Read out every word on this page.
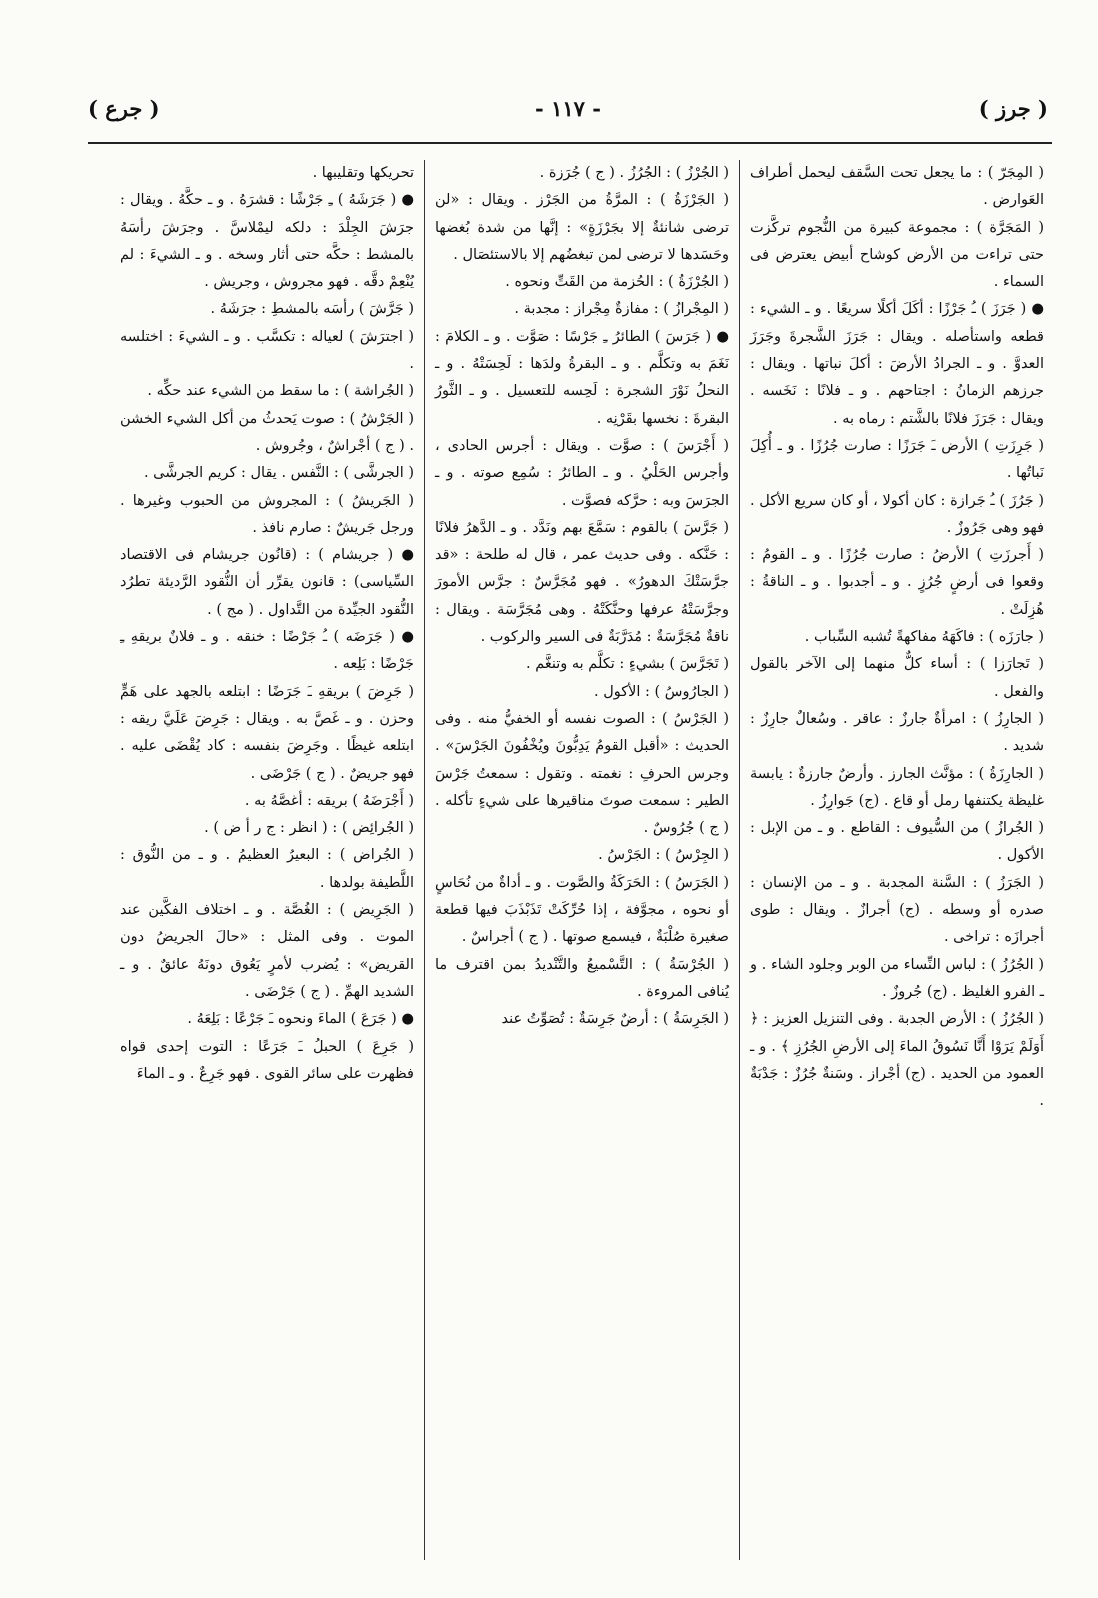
( جرز )
- ١١٧ -
( جرع )

( المِجَرّ ) : ما يجعل تحت السَّقف ليحمل أطراف العَوارض .

( المَجَرَّة ) : مجموعة كبيرة من النُّجوم تركَّزت حتى تراءت من الأرض كوشاح أبيض يعترض فى السماء .

● ( جَرَزَ ) ـُ جَرْزًا : أكَلَ أكلًا سريعًا . و ـ الشيء : قطعه واستأصله . ويقال : جَرَزَ الشَّجرةَ وجَرَزَ العدوَّ . و ـ الجرادُ الأرضَ : أكلَ نباتها . ويقال : جرزهم الزمانُ : اجتاحهم . و ـ فلانًا : نَخَسه . ويقال : جَرَزَ فلانًا بالشَّتم : رماه به .

( جَرِزَتِ ) الأرض ـَ جَرَزًا : صارت جُرُزًا . و ـ أُكِلَ نَباتُها .

( جَرُزَ ) ـُ جَرازة : كان أكولا ، أو كان سريع الأكل . فهو وهى جَرُوزٌ .

( أَجرزَتِ ) الأرضُ : صارت جُرُزًا . و ـ القومُ : وقعوا فى أرضٍ جُرُزٍ . و ـ أجدبوا . و ـ الناقةُ : هُزِلَتْ .

( جارَزَه ) : فاكَهَهُ مفاكهةً تُشبه السِّباب .

( تَجارَزا ) : أساء كلٌّ منهما إلى الآخر بالقول والفعل .

( الجارِزُ ) : امرأةٌ جارزٌ : عاقر . وسُعالٌ جارِزٌ : شديد .

( الجارِزَةُ ) : مؤنَّث الجارز . وأرضٌ جارزةٌ : يابسة غليظة يكتنفها رمل أو قاع . (ج) جَوارِزُ .

( الجُرازُ ) من السُّيوف : القاطع . و ـ من الإبل : الأكول .

( الجَرَزُ ) : السَّنة المجدبة . و ـ من الإنسان : صدره أو وسطه . (ج) أجرازٌ . ويقال : طوى أجرازَه : تراخى .

( الجُرُزُ ) : لباس النِّساء من الوبر وجلود الشاء . و ـ الفرو الغليظ . (ج) جُروزٌ .

( الجُرُزُ ) : الأرض الجدبة . وفى التنزيل العزيز : ﴿ أَوَلَمْ يَرَوْا أَنَّا نَسُوقُ الماءَ إلى الأرضِ الجُرُزِ ﴾ . و ـ العمود من الحديد . (ج) أجْراز . وسَنةٌ جُرُزٌ : جَدْبَةٌ .

( الجُرْزُ ) : الجُرُزُ . ( ج ) جُرَزة .

( الجَرْزَةُ ) : المرَّةُ من الجَرْز . ويقال : «لن ترضى شانئةٌ إلا بجَرْزَةٍ» : إنَّها من شدة بُغضها وحَسَدها لا ترضى لمن تبغضُهم إلا بالاستئصَال .

( الجُرْزَةُ ) : الحُزمة من القَتِّ ونحوه .

( المِجْرازُ ) : مفازةٌ مِجْراز : مجدبة .

● ( جَرَسَ ) الطائرُ ـِ جَرْسًا : صَوَّت . و ـ الكلامَ : نَغَمَ به وتكلَّم . و ـ البقرةُ ولدَها : لَحِسَتْهُ . و ـ النحلُ نَوْرَ الشجرة : لَحِسه للتعسيل . و ـ الثَّورُ البقرةَ : نخسها بقَرْنِه .

( أَجْرَسَ ) : صوَّت . ويقال : أجرس الحادى ، وأجرس الحَلْيُ . و ـ الطائرُ : سُمِع صوته . و ـ الجرَسَ وبه : حرَّكه فصوَّت .

( جَرَّسَ ) بالقوم : سَمَّعَ بهم ونَدَّد . و ـ الدَّهرُ فلانًا : حَنَّكه . وفى حديث عمر ، قال له طلحة : «قد جرَّسَتْكَ الدهورُ» . فهو مُجَرَّسٌ : جرَّس الأمورَ وجرَّسَتْهُ عرفها وحنَّكَتْهُ . وهى مُجَرَّسَة . ويقال : ناقةٌ مُجَرَّسَةٌ : مُدَرَّبَةٌ فى السير والركوب .

( تَجَرَّسَ ) بشيءٍ : تكلَّم به وتنغَّم .

( الجارُوسُ ) : الأكول .

( الجَرْسُ ) : الصوت نفسه أو الخفيُّ منه . وفى الحديث : «أقبل القومُ يَدِبُّونَ ويُخْفُونَ الجَرْسَ» . وجرس الحرفِ : نغمته . وتقول : سمعتُ جَرْسَ الطير : سمعت صوتَ مناقيرها على شيءٍ تأكله . ( ج ) جُرُوسٌ .

( الجِرْسُ ) : الجَرْسُ .

( الجَرَسُ ) : الحَرَكَةُ والصَّوت . و ـ أداةٌ من نُحَاسٍ أو نحوه ، مجوَّفة ، إذا حُرِّكَتْ تَذَبْذَبَ فيها قطعة صغيرة صُلْبَةٌ ، فيسمع صوتها . ( ج ) أجراسٌ .

( الجُرْسَةُ ) : التَّسْميعُ والتَّنْديدُ بمن اقترف ما يُنافى المروءة .

( الجَرِسَةُ ) : أرضٌ جَرِسَةٌ : تُصَوِّتُ عند

تحريكها وتقليبها .

● ( جَرَشَهُ ) ـِ جَرْشًا : قشرَهُ . و ـ حكَّهُ . ويقال : جرَشَ الجِلْدَ : دلكه ليمْلاسَّ . وجرَشَ رأسَهُ بالمشط : حكَّه حتى أثار وسخه . و ـ الشيءَ : لم يُنْعِمْ دقَّه . فهو مجروش ، وجريش .

( جَرَّشَ ) رأسَه بالمشطِ : جرَشَهُ .

( اجترَشَ ) لعياله : تكسَّب . و ـ الشيءَ : اختلسه .

( الجُراشة ) : ما سقط من الشيء عند حكِّه .

( الجَرْشُ ) : صوت يَحدثُ من أكل الشيء الخشن . ( ج ) أجْراشٌ ، وجُروش .

( الجرشَّى ) : النَّفس . يقال : كريم الجرشَّى .

( الجَريشُ ) : المجروش من الحبوب وغيرها . ورجل جَريشٌ : صارم نافذ .

● ( جريشام ) : (قانُون جريشام فى الاقتصاد السِّياسى) : قانون يقرِّر أن النُّقود الرَّديئة تطرُد النُّقود الجيِّدة من التَّداول . ( مج ) .

● ( جَرَضَه ) ـُ جَرْضًا : خنقه . و ـ فلانٌ بريقهِ ـِ جَرْضًا : بَلِعه .

( جَرِضَ ) بريقهِ ـَ جَرَضًا : ابتلعه بالجهد على هَمٍّ وحزن . و ـ غَصَّ به . ويقال : جَرِضَ عَلَيَّ ريقه : ابتلعه غيظًا . وجَرِضَ بنفسه : كاد يُقْضَى عليه . فهو جريضٌ . ( ج ) جَرْضَى .

( أَجْرَضَهُ ) بريقه : أغصَّهُ به .

( الجُرائِض ) : ( انظر : ج ر أ ض ) .

( الجُراض ) : البعيرُ العظيمُ . و ـ من النُّوق : اللَّطيفة بولدها .

( الجَرِيض ) : الغُصَّة . و ـ اختلاف الفكَّين عند الموت . وفى المثل : «حالَ الجريضُ دون القريض» : يُضرب لأمرٍ يَعُوق دونَهُ عائقٌ . و ـ الشديد الهمِّ . ( ج ) جَرْضَى .

● ( جَرَعَ ) الماءَ ونحوه ـَ جَرْعًا : بَلِعَهُ .

( جَرِعَ ) الحبلُ ـَ جَرَعًا : التوت إحدى قواه فظهرت على سائر القوى . فهو جَرِعٌ . و ـ الماءَ
